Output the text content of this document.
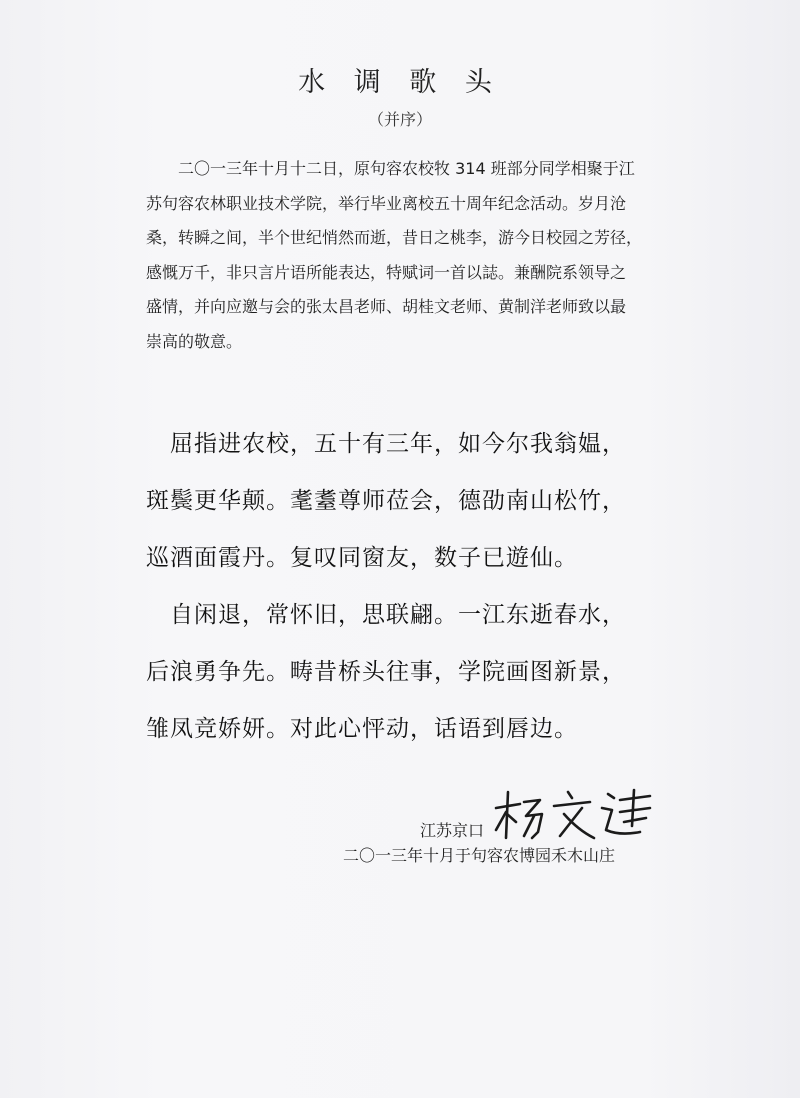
水 调 歌 头
（并序）
　　二〇一三年十月十二日，原句容农校牧 314 班部分同学相聚于江
苏句容农林职业技术学院，举行毕业离校五十周年纪念活动。岁月沧
桑，转瞬之间，半个世纪悄然而逝，昔日之桃李，游今日校园之芳径，
感慨万千，非只言片语所能表达，特赋词一首以誌。兼酬院系领导之
盛情，并向应邀与会的张太昌老师、胡桂文老师、黄制洋老师致以最
崇高的敬意。
　屈指进农校，五十有三年，如今尔我翁媪，
斑鬓更华颠。耄耋尊师莅会，德劭南山松竹，
巡酒面霞丹。复叹同窗友，数子已遊仙。
　自闲退，常怀旧，思联翩。一江东逝春水，
后浪勇争先。畴昔桥头往事，学院画图新景，
雏凤竞娇妍。对此心怦动，话语到唇边。
江苏京口
二〇一三年十月于句容农博园禾木山庄
